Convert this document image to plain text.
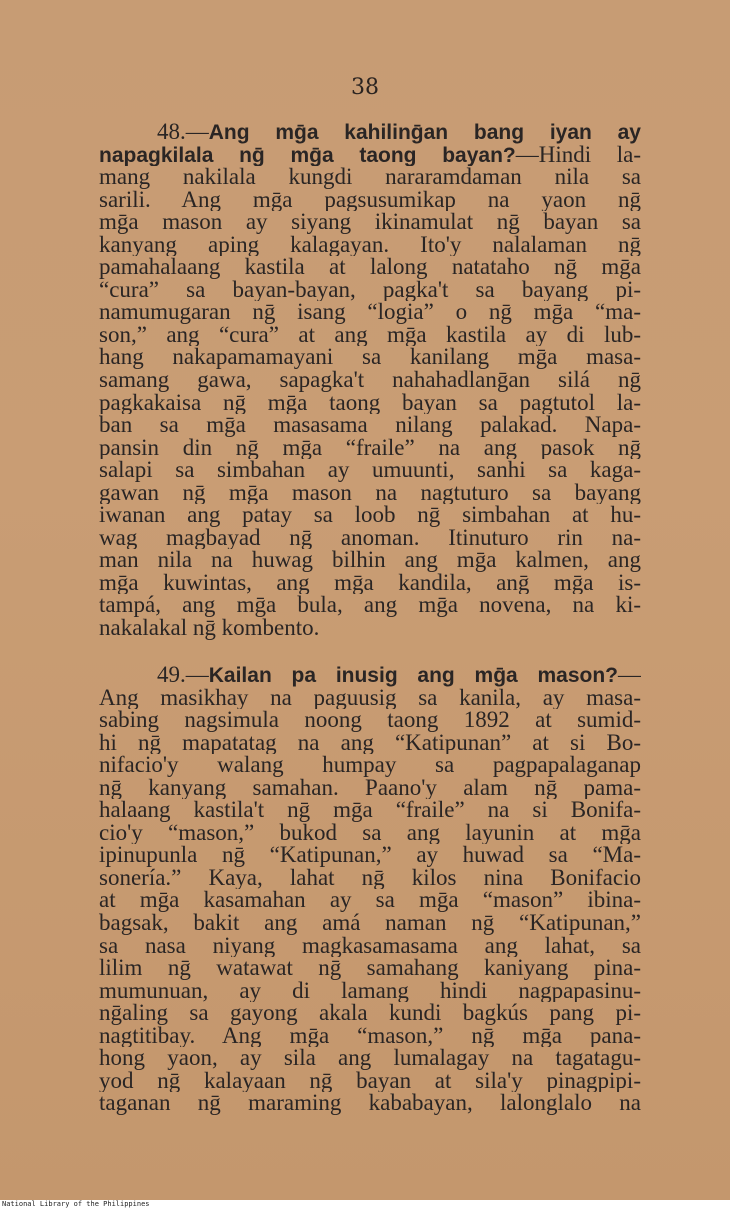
38
48.—Ang mḡa kahilinḡan bang iyan ay
napagkilala nḡ mḡa taong bayan?—Hindi la-
mang nakilala kungdi nararamdaman nila sa
sarili. Ang mḡa pagsusumikap na yaon nḡ
mḡa mason ay siyang ikinamulat nḡ bayan sa
kanyang aping kalagayan. Ito'y nalalaman nḡ
pamahalaang kastila at lalong natataho nḡ mḡa
“cura” sa bayan-bayan, pagka't sa bayang pi-
namumugaran nḡ isang “logia” o nḡ mḡa “ma-
son,” ang “cura” at ang mḡa kastila ay di lub-
hang nakapamamayani sa kanilang mḡa masa-
samang gawa, sapagka't nahahadlanḡan silá nḡ
pagkakaisa nḡ mḡa taong bayan sa pagtutol la-
ban sa mḡa masasama nilang palakad. Napa-
pansin din nḡ mḡa “fraile” na ang pasok nḡ
salapi sa simbahan ay umuunti, sanhi sa kaga-
gawan nḡ mḡa mason na nagtuturo sa bayang
iwanan ang patay sa loob nḡ simbahan at hu-
wag magbayad nḡ anoman. Itinuturo rin na-
man nila na huwag bilhin ang mḡa kalmen, ang
mḡa kuwintas, ang mḡa kandila, anḡ mḡa is-
tampá, ang mḡa bula, ang mḡa novena, na ki-
nakalakal nḡ kombento.
49.—Kailan pa inusig ang mḡa mason?—
Ang masikhay na paguusig sa kanila, ay masa-
sabing nagsimula noong taong 1892 at sumid-
hi nḡ mapatatag na ang “Katipunan” at si Bo-
nifacio'y walang humpay sa pagpapalaganap
nḡ kanyang samahan. Paano'y alam nḡ pama-
halaang kastila't nḡ mḡa “fraile” na si Bonifa-
cio'y “mason,” bukod sa ang layunin at mḡa
ipinupunla nḡ “Katipunan,” ay huwad sa “Ma-
sonería.” Kaya, lahat nḡ kilos nina Bonifacio
at mḡa kasamahan ay sa mḡa “mason” ibina-
bagsak, bakit ang amá naman nḡ “Katipunan,”
sa nasa niyang magkasamasama ang lahat, sa
lilim nḡ watawat nḡ samahang kaniyang pina-
mumunuan, ay di lamang hindi nagpapasinu-
nḡaling sa gayong akala kundi bagkús pang pi-
nagtitibay. Ang mḡa “mason,” nḡ mḡa pana-
hong yaon, ay sila ang lumalagay na tagatagu-
yod nḡ kalayaan nḡ bayan at sila'y pinagpipi-
taganan nḡ maraming kababayan, lalonglalo na
National Library of the Philippines
